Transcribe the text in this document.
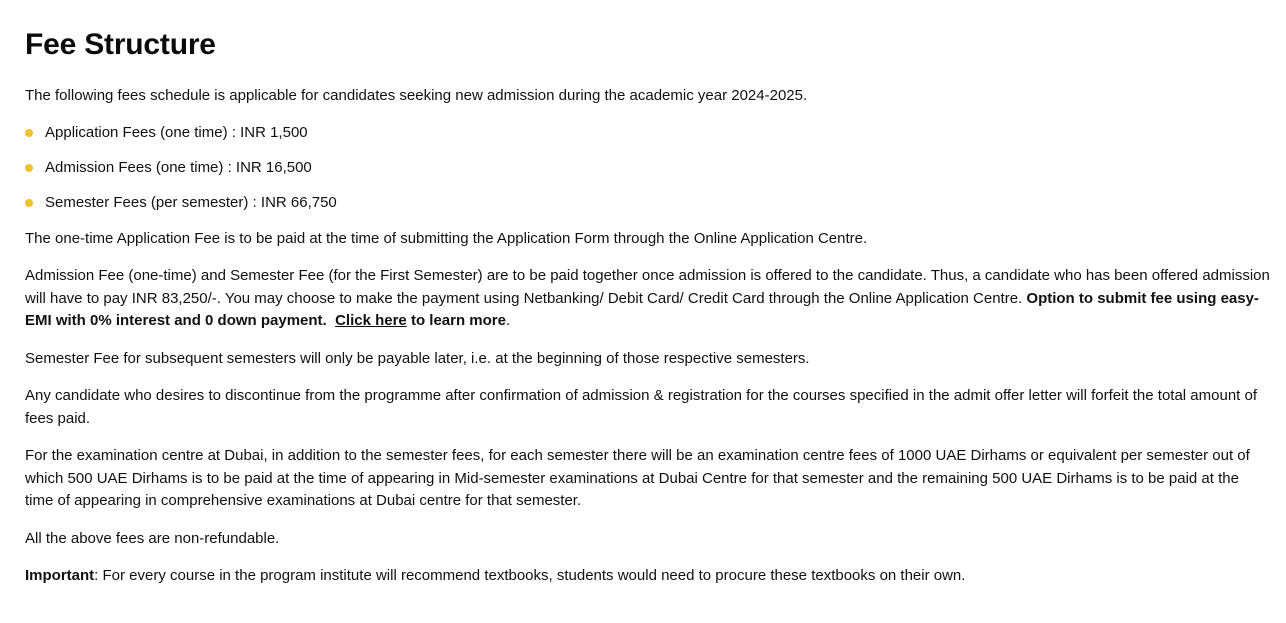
Fee Structure

The following fees schedule is applicable for candidates seeking new admission during the academic year 2024-2025.

Application Fees (one time) : INR 1,500
Admission Fees (one time) : INR 16,500
Semester Fees (per semester) : INR 66,750

The one-time Application Fee is to be paid at the time of submitting the Application Form through the Online Application Centre.

Admission Fee (one-time) and Semester Fee (for the First Semester) are to be paid together once admission is offered to the candidate. Thus, a candidate who has been offered admission will have to pay INR 83,250/-. You may choose to make the payment using Netbanking/ Debit Card/ Credit Card through the Online Application Centre. Option to submit fee using easy-EMI with 0% interest and 0 down payment. Click here to learn more.

Semester Fee for subsequent semesters will only be payable later, i.e. at the beginning of those respective semesters.

Any candidate who desires to discontinue from the programme after confirmation of admission & registration for the courses specified in the admit offer letter will forfeit the total amount of fees paid.

For the examination centre at Dubai, in addition to the semester fees, for each semester there will be an examination centre fees of 1000 UAE Dirhams or equivalent per semester out of which 500 UAE Dirhams is to be paid at the time of appearing in Mid-semester examinations at Dubai Centre for that semester and the remaining 500 UAE Dirhams is to be paid at the time of appearing in comprehensive examinations at Dubai centre for that semester.

All the above fees are non-refundable.

Important: For every course in the program institute will recommend textbooks, students would need to procure these textbooks on their own.
